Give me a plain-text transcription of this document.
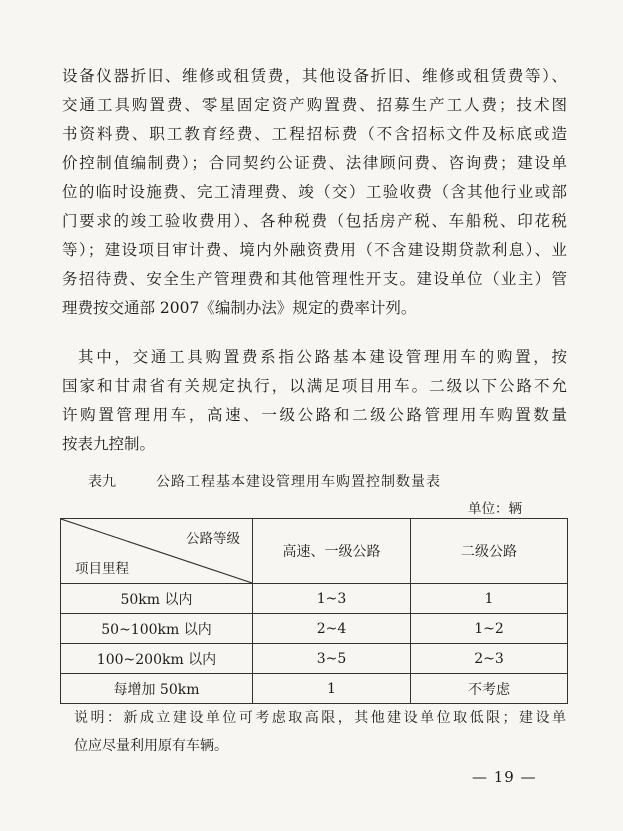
设备仪器折旧、维修或租赁费，其他设备折旧、维修或租赁费等）、
交通工具购置费、零星固定资产购置费、招募生产工人费；技术图
书资料费、职工教育经费、工程招标费（不含招标文件及标底或造
价控制值编制费）；合同契约公证费、法律顾问费、咨询费；建设单
位的临时设施费、完工清理费、竣（交）工验收费（含其他行业或部
门要求的竣工验收费用）、各种税费（包括房产税、车船税、印花税
等）；建设项目审计费、境内外融资费用（不含建设期贷款利息）、业
务招待费、安全生产管理费和其他管理性开支。建设单位（业主）管
理费按交通部 2007《编制办法》规定的费率计列。
其中，交通工具购置费系指公路基本建设管理用车的购置，按
国家和甘肃省有关规定执行，以满足项目用车。二级以下公路不允
许购置管理用车，高速、一级公路和二级公路管理用车购置数量
按表九控制。
表九	公路工程基本建设管理用车购置控制数量表
单位：辆
公路等级
项目里程	高速、一级公路	二级公路
50km 以内	1~3	1
50~100km 以内	2~4	1~2
100~200km 以内	3~5	2~3
每增加 50km	1	不考虑
说明：新成立建设单位可考虑取高限，其他建设单位取低限；建设单
位应尽量利用原有车辆。
— 19 —
